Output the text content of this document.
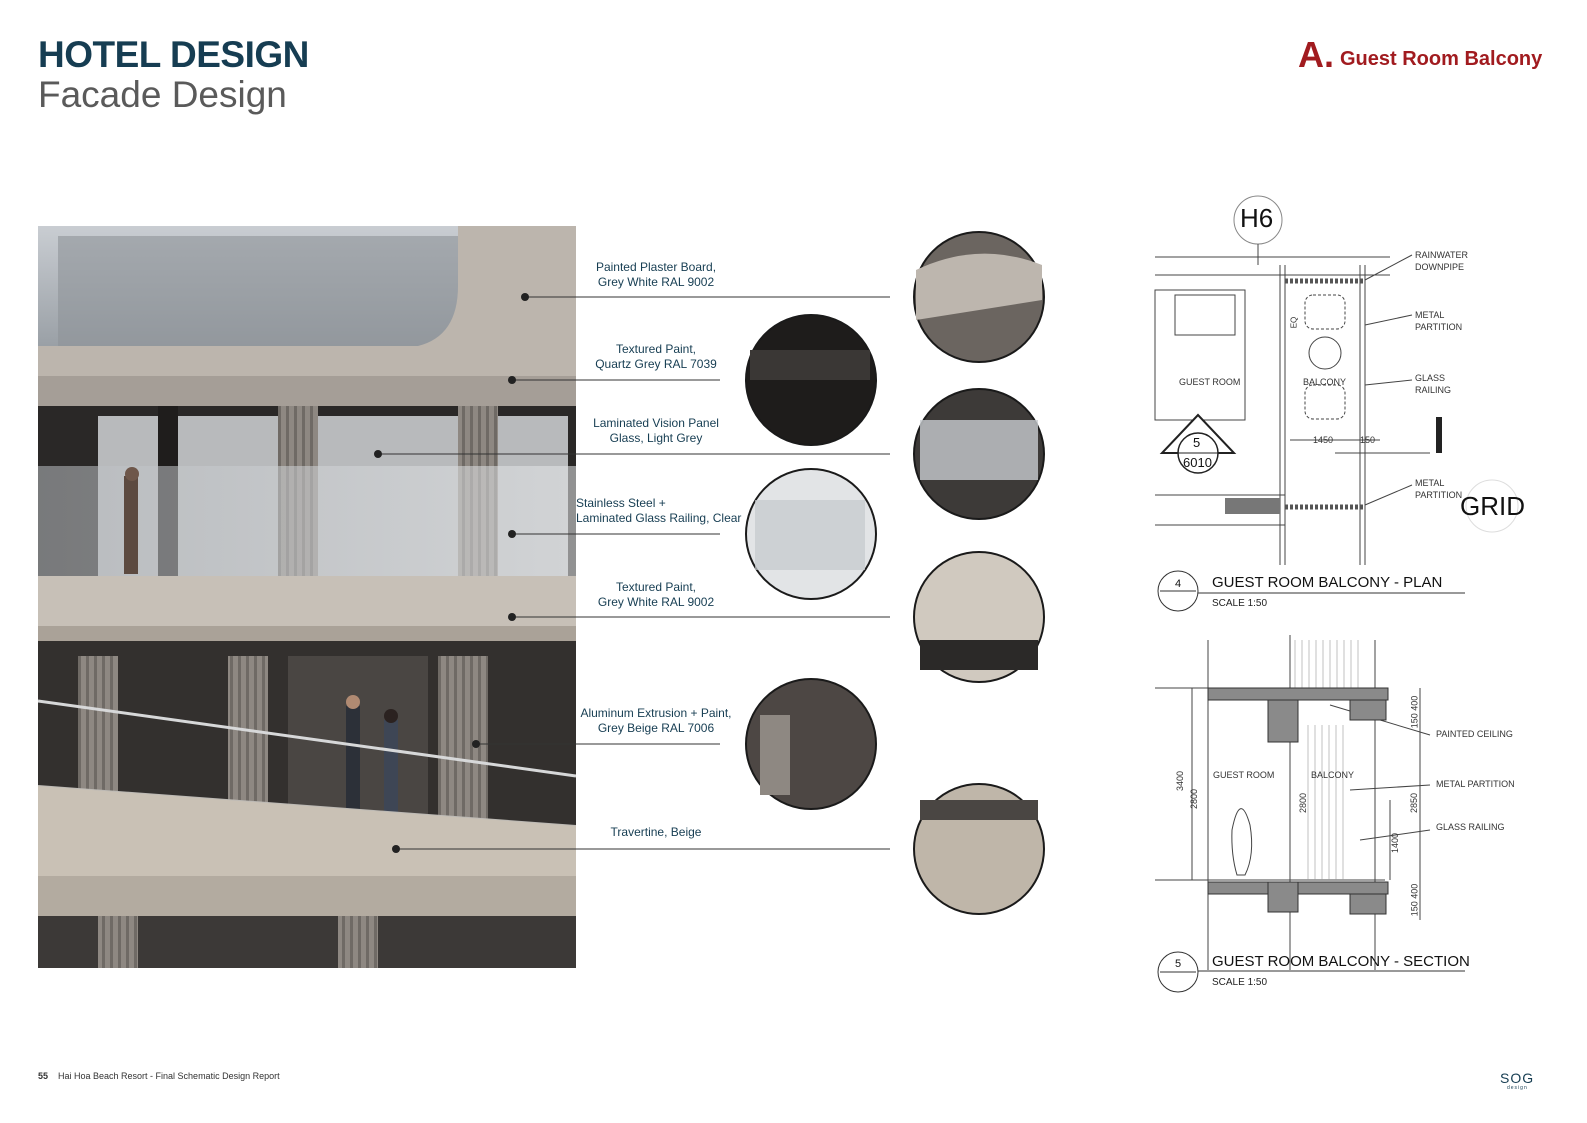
HOTEL DESIGN
Facade Design
A. Guest Room Balcony
Painted Plaster Board,
Grey White RAL 9002
Textured Paint,
Quartz Grey RAL 7039
Laminated Vision Panel
Glass, Light Grey
Stainless Steel +
Laminated Glass Railing, Clear
Textured Paint,
Grey White RAL 9002
Aluminum Extrusion + Paint,
Grey Beige RAL 7006
Travertine, Beige
H6
GRID
RAINWATER
DOWNPIPE
METAL
PARTITION
GLASS
RAILING
METAL
PARTITION
GUEST ROOM	BALCONY
1450	150
EQ
5
6010
4 GUEST ROOM BALCONY - PLAN
SCALE 1:50
PAINTED CEILING
METAL PARTITION
GLASS RAILING
GUEST ROOM	BALCONY
3400
2800	2800	2850
1400
150 400
150 400
5 GUEST ROOM BALCONY - SECTION
SCALE 1:50
55 Hai Hoa Beach Resort - Final Schematic Design Report	SOG
design
